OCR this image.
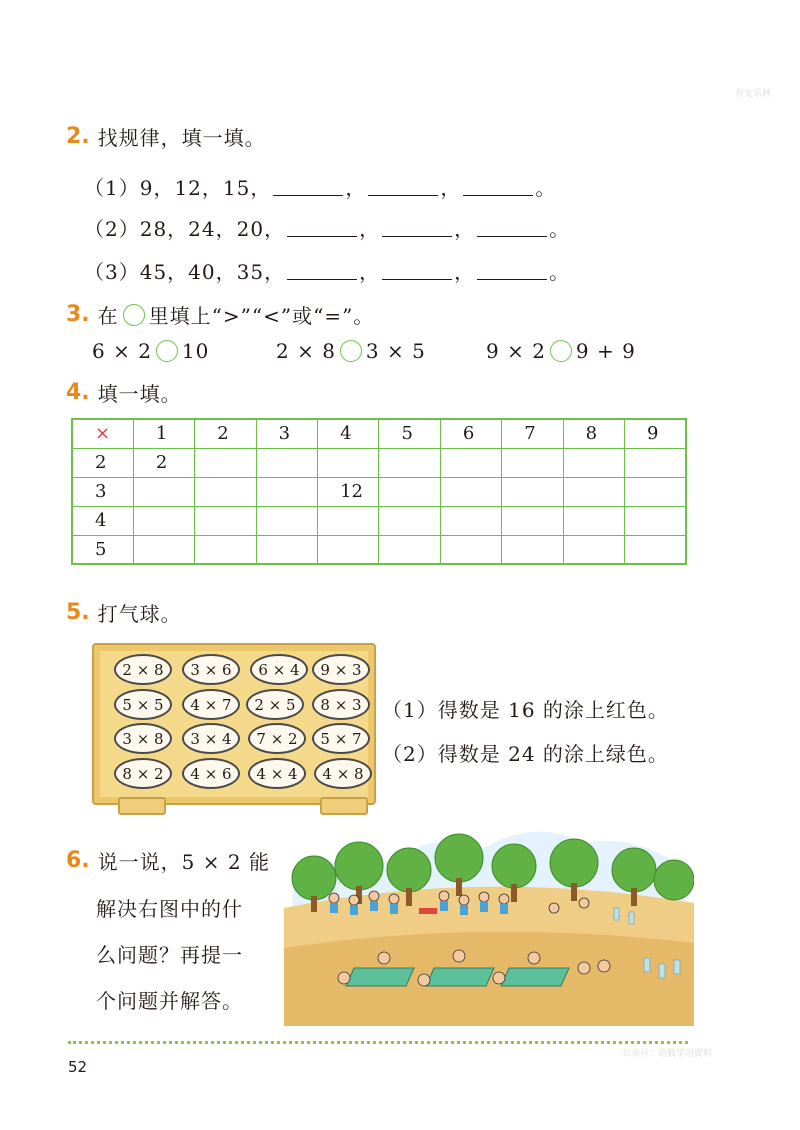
有义乐林
2. 找规律，填一填。
（1） 9，12，15，	，	，	。
（2） 28，24，20，	，	，	。
（3） 45，40，35，	，	，	。
3. 在 里填上“>”“<”或“=”。
6 × 2 10	2 × 8 3 × 5	9 × 2 9 + 9
4. 填一填。
×	1	2	3	4	5	6	7	8	9
2	2								
3				12					
4									
5									
5. 打气球。
2 × 8	3 × 6	6 × 4	9 × 3
5 × 5	4 × 7	2 × 5	8 × 3
3 × 8	3 × 4	7 × 2	5 × 7
8 × 2	4 × 6	4 × 4	4 × 8
（1） 得数是 16 的涂上红色。
（2） 得数是 24 的涂上绿色。
6. 说一说，5 × 2 能
解决右图中的什
么问题？再提一
个问题并解答。
52
公众号：语数学习资料
